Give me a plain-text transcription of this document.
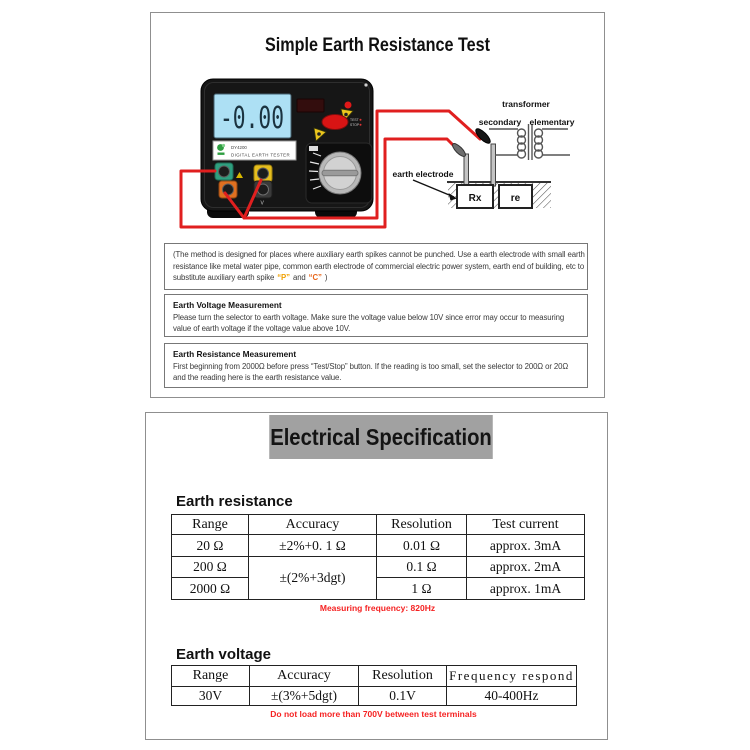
-0.00
DY4200
DIGITAL EARTH TESTER
TEST
STOP
V	Rx	re
transformer
secondary elementary
earth electrode
Simple Earth Resistance Test
(The method is designed for places where auxiliary earth spikes cannot be punched. Use a earth electrode with small earth
resistance like metal water pipe, common earth electrode of commercial electric power system, earth end of building, etc to
substitute auxiliary earth spike “P” and “C” )
Earth Voltage Measurement
Please turn the selector to earth voltage. Make sure the voltage value below 10V since error may occur to measuring value of earth voltage if the voltage value above 10V.
Earth Resistance Measurement
First beginning from 2000Ω before press “Test/Stop” button. If the reading is too small, set the selector to 200Ω or 20Ω and the reading here is the earth resistance value.
Electrical Specification
Earth resistance
Range	Accuracy	Resolution	Test current
20 Ω	±2%+0. 1 Ω	0.01 Ω	approx. 3mA
200 Ω	±(2%+3dgt)	0.1 Ω	approx. 2mA
2000 Ω		1 Ω	approx. 1mA
Measuring frequency: 820Hz
Earth voltage
Range	Accuracy	Resolution	Frequency respond
30V	±(3%+5dgt)	0.1V	40-400Hz
Do not load more than 700V between test terminals
